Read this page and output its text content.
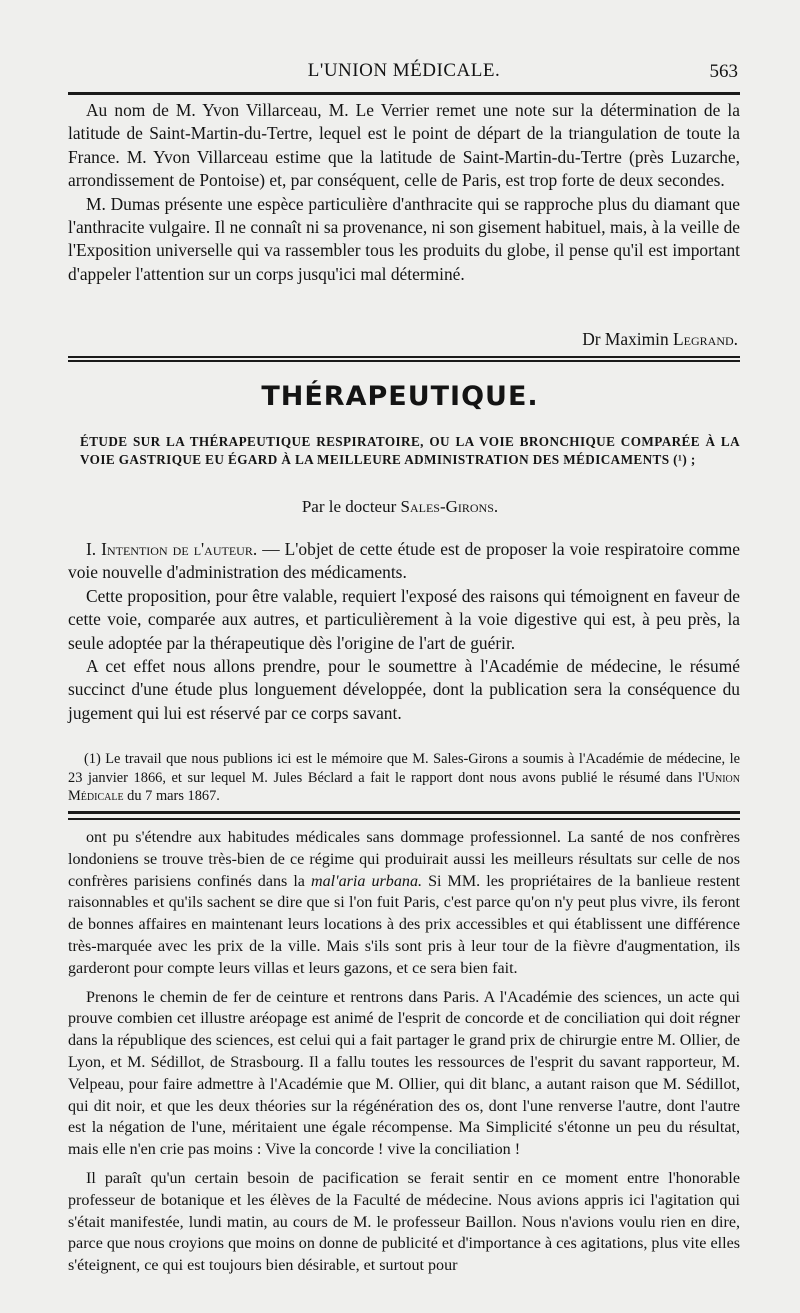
L'UNION MÉDICALE.	563

Au nom de M. Yvon Villarceau, M. Le Verrier remet une note sur la détermination de la latitude de Saint-Martin-du-Tertre, lequel est le point de départ de la triangulation de toute la France. M. Yvon Villarceau estime que la latitude de Saint-Martin-du-Tertre (près Luzarche, arrondissement de Pontoise) et, par conséquent, celle de Paris, est trop forte de deux secondes.

M. Dumas présente une espèce particulière d'anthracite qui se rapproche plus du diamant que l'anthracite vulgaire. Il ne connaît ni sa provenance, ni son gisement habituel, mais, à la veille de l'Exposition universelle qui va rassembler tous les produits du globe, il pense qu'il est important d'appeler l'attention sur un corps jusqu'ici mal déterminé.

Dr Maximin Legrand.
THÉRAPEUTIQUE.
ÉTUDE SUR LA THÉRAPEUTIQUE RESPIRATOIRE, OU LA VOIE BRONCHIQUE COMPARÉE À LA VOIE GASTRIQUE EU ÉGARD À LA MEILLEURE ADMINISTRATION DES MÉDICAMENTS (¹) ;
Par le docteur Sales-Girons.

I. Intention de l'auteur. — L'objet de cette étude est de proposer la voie respiratoire comme voie nouvelle d'administration des médicaments.

Cette proposition, pour être valable, requiert l'exposé des raisons qui témoignent en faveur de cette voie, comparée aux autres, et particulièrement à la voie digestive qui est, à peu près, la seule adoptée par la thérapeutique dès l'origine de l'art de guérir.

A cet effet nous allons prendre, pour le soumettre à l'Académie de médecine, le résumé succinct d'une étude plus longuement développée, dont la publication sera la conséquence du jugement qui lui est réservé par ce corps savant.

(1) Le travail que nous publions ici est le mémoire que M. Sales-Girons a soumis à l'Académie de médecine, le 23 janvier 1866, et sur lequel M. Jules Béclard a fait le rapport dont nous avons publié le résumé dans l'Union Médicale du 7 mars 1867.

ont pu s'étendre aux habitudes médicales sans dommage professionnel. La santé de nos confrères londoniens se trouve très-bien de ce régime qui produirait aussi les meilleurs résultats sur celle de nos confrères parisiens confinés dans la mal'aria urbana. Si MM. les propriétaires de la banlieue restent raisonnables et qu'ils sachent se dire que si l'on fuit Paris, c'est parce qu'on n'y peut plus vivre, ils feront de bonnes affaires en maintenant leurs locations à des prix accessibles et qui établissent une différence très-marquée avec les prix de la ville. Mais s'ils sont pris à leur tour de la fièvre d'augmentation, ils garderont pour compte leurs villas et leurs gazons, et ce sera bien fait.

Prenons le chemin de fer de ceinture et rentrons dans Paris. A l'Académie des sciences, un acte qui prouve combien cet illustre aréopage est animé de l'esprit de concorde et de conciliation qui doit régner dans la république des sciences, est celui qui a fait partager le grand prix de chirurgie entre M. Ollier, de Lyon, et M. Sédillot, de Strasbourg. Il a fallu toutes les ressources de l'esprit du savant rapporteur, M. Velpeau, pour faire admettre à l'Académie que M. Ollier, qui dit blanc, a autant raison que M. Sédillot, qui dit noir, et que les deux théories sur la régénération des os, dont l'une renverse l'autre, dont l'autre est la négation de l'une, méritaient une égale récompense. Ma Simplicité s'étonne un peu du résultat, mais elle n'en crie pas moins : Vive la concorde ! vive la conciliation !

Il paraît qu'un certain besoin de pacification se ferait sentir en ce moment entre l'honorable professeur de botanique et les élèves de la Faculté de médecine. Nous avions appris ici l'agitation qui s'était manifestée, lundi matin, au cours de M. le professeur Baillon. Nous n'avions voulu rien en dire, parce que nous croyions que moins on donne de publicité et d'importance à ces agitations, plus vite elles s'éteignent, ce qui est toujours bien désirable, et surtout pour
